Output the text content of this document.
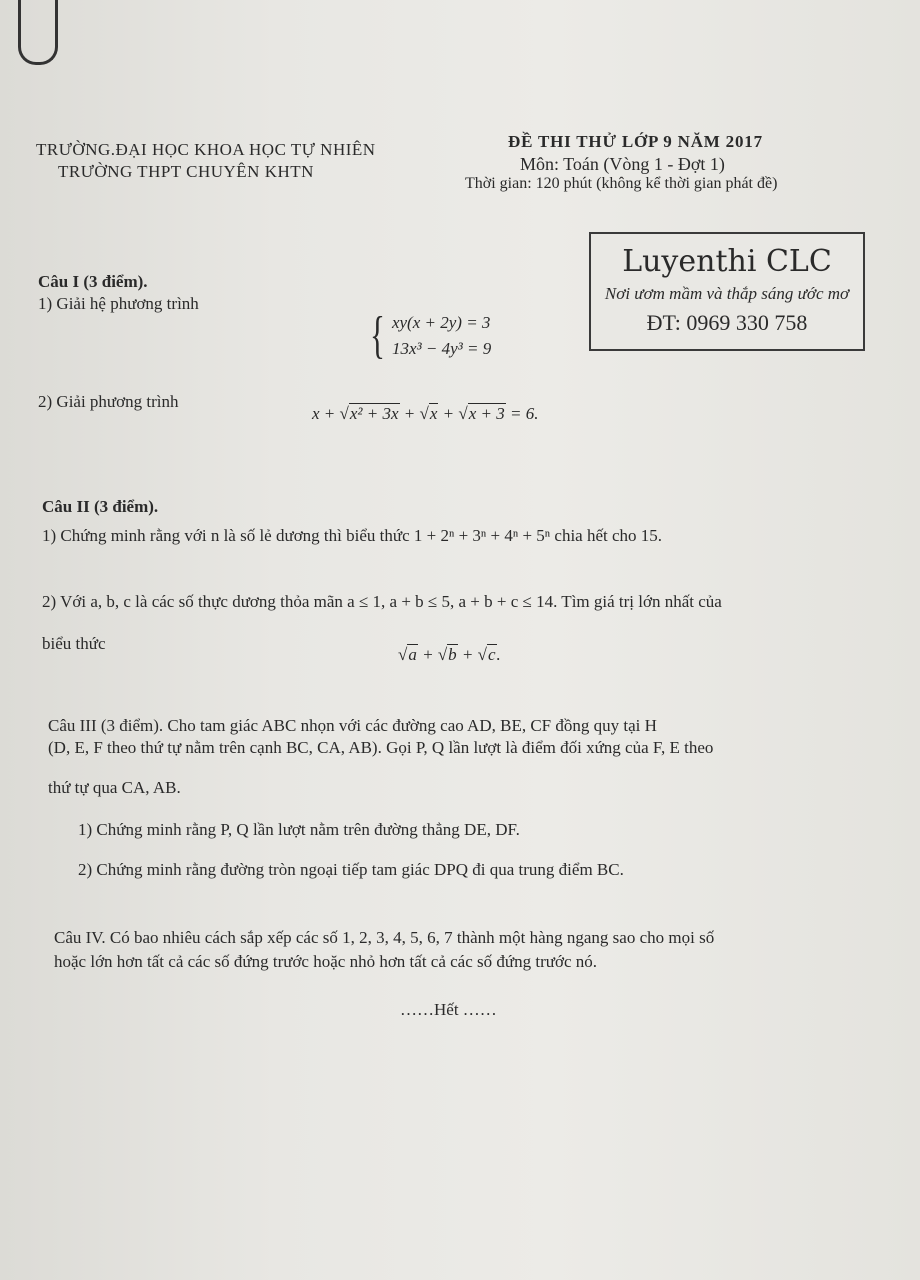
TRƯỜNG.ĐẠI HỌC KHOA HỌC TỰ NHIÊN
TRƯỜNG THPT CHUYÊN KHTN
ĐỀ THI THỬ LỚP 9 NĂM 2017
Môn: Toán (Vòng 1 - Đợt 1)
Thời gian: 120 phút (không kể thời gian phát đề)
Luyenthi CLC
Nơi ươm mầm và thắp sáng ước mơ
ĐT: 0969 330 758
Câu I (3 điểm).
1) Giải hệ phương trình
{ xy(x + 2y) = 3
13x³ − 4y³ = 9
2) Giải phương trình
x + √x² + 3x + √x + √x + 3 = 6.
Câu II (3 điểm).
1) Chứng minh rằng với n là số lẻ dương thì biểu thức 1 + 2ⁿ + 3ⁿ + 4ⁿ + 5ⁿ chia hết cho 15.
2) Với a, b, c là các số thực dương thỏa mãn a ≤ 1, a + b ≤ 5, a + b + c ≤ 14. Tìm giá trị lớn nhất của
biểu thức
√a + √b + √c.
Câu III (3 điểm). Cho tam giác ABC nhọn với các đường cao AD, BE, CF đồng quy tại H
(D, E, F theo thứ tự nằm trên cạnh BC, CA, AB). Gọi P, Q lần lượt là điểm đối xứng của F, E theo
thứ tự qua CA, AB.
1) Chứng minh rằng P, Q lần lượt nằm trên đường thẳng DE, DF.
2) Chứng minh rằng đường tròn ngoại tiếp tam giác DPQ đi qua trung điểm BC.
Câu IV. Có bao nhiêu cách sắp xếp các số 1, 2, 3, 4, 5, 6, 7 thành một hàng ngang sao cho mọi số
hoặc lớn hơn tất cả các số đứng trước hoặc nhỏ hơn tất cả các số đứng trước nó.
……Hết ……
